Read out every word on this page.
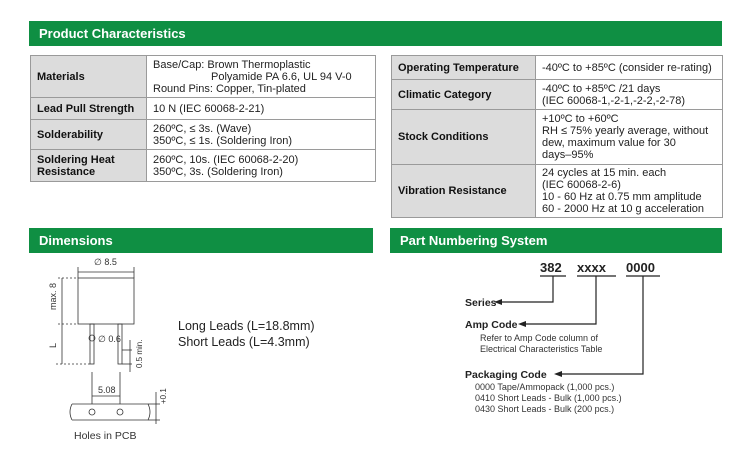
Product Characteristics
Dimensions	Part Numbering System
Materials	Base/Cap: Brown Thermoplastic
Polyamide PA 6.6, UL 94 V-0
Round Pins: Copper, Tin-plated

Lead Pull Strength	10 N (IEC 60068-2-21)

Solderability	260ºC, ≤ 3s. (Wave)
350ºC, ≤ 1s. (Soldering Iron)

Soldering Heat
Resistance	260ºC, 10s. (IEC 60068-2-20)
350ºC, 3s. (Soldering Iron)
Operating Temperature	-40ºC to +85ºC (consider re-rating)

Climatic Category	-40ºC to +85ºC /21 days
(IEC 60068-1,-2-1,-2-2,-2-78)

Stock Conditions	+10ºC to +60ºC
RH ≤ 75% yearly average, without
dew, maximum value for 30
days–95%

Vibration Resistance	24 cycles at 15 min. each
(IEC 60068-2-6)
10 - 60 Hz at 0.75 mm amplitude
60 - 2000 Hz at 10 g acceleration
∅ 8.5
max. 8
L
∅ 0.6
0.5 min.
5.08	+0.1
Holes in PCB
Long Leads (L=18.8mm)
Short Leads (L=4.3mm)
382 xxxx 0000
Series
Amp Code
Refer to Amp Code column of
Electrical Characteristics Table
Packaging Code
0000 Tape/Ammopack (1,000 pcs.)
0410 Short Leads - Bulk (1,000 pcs.)
0430 Short Leads - Bulk (200 pcs.)
